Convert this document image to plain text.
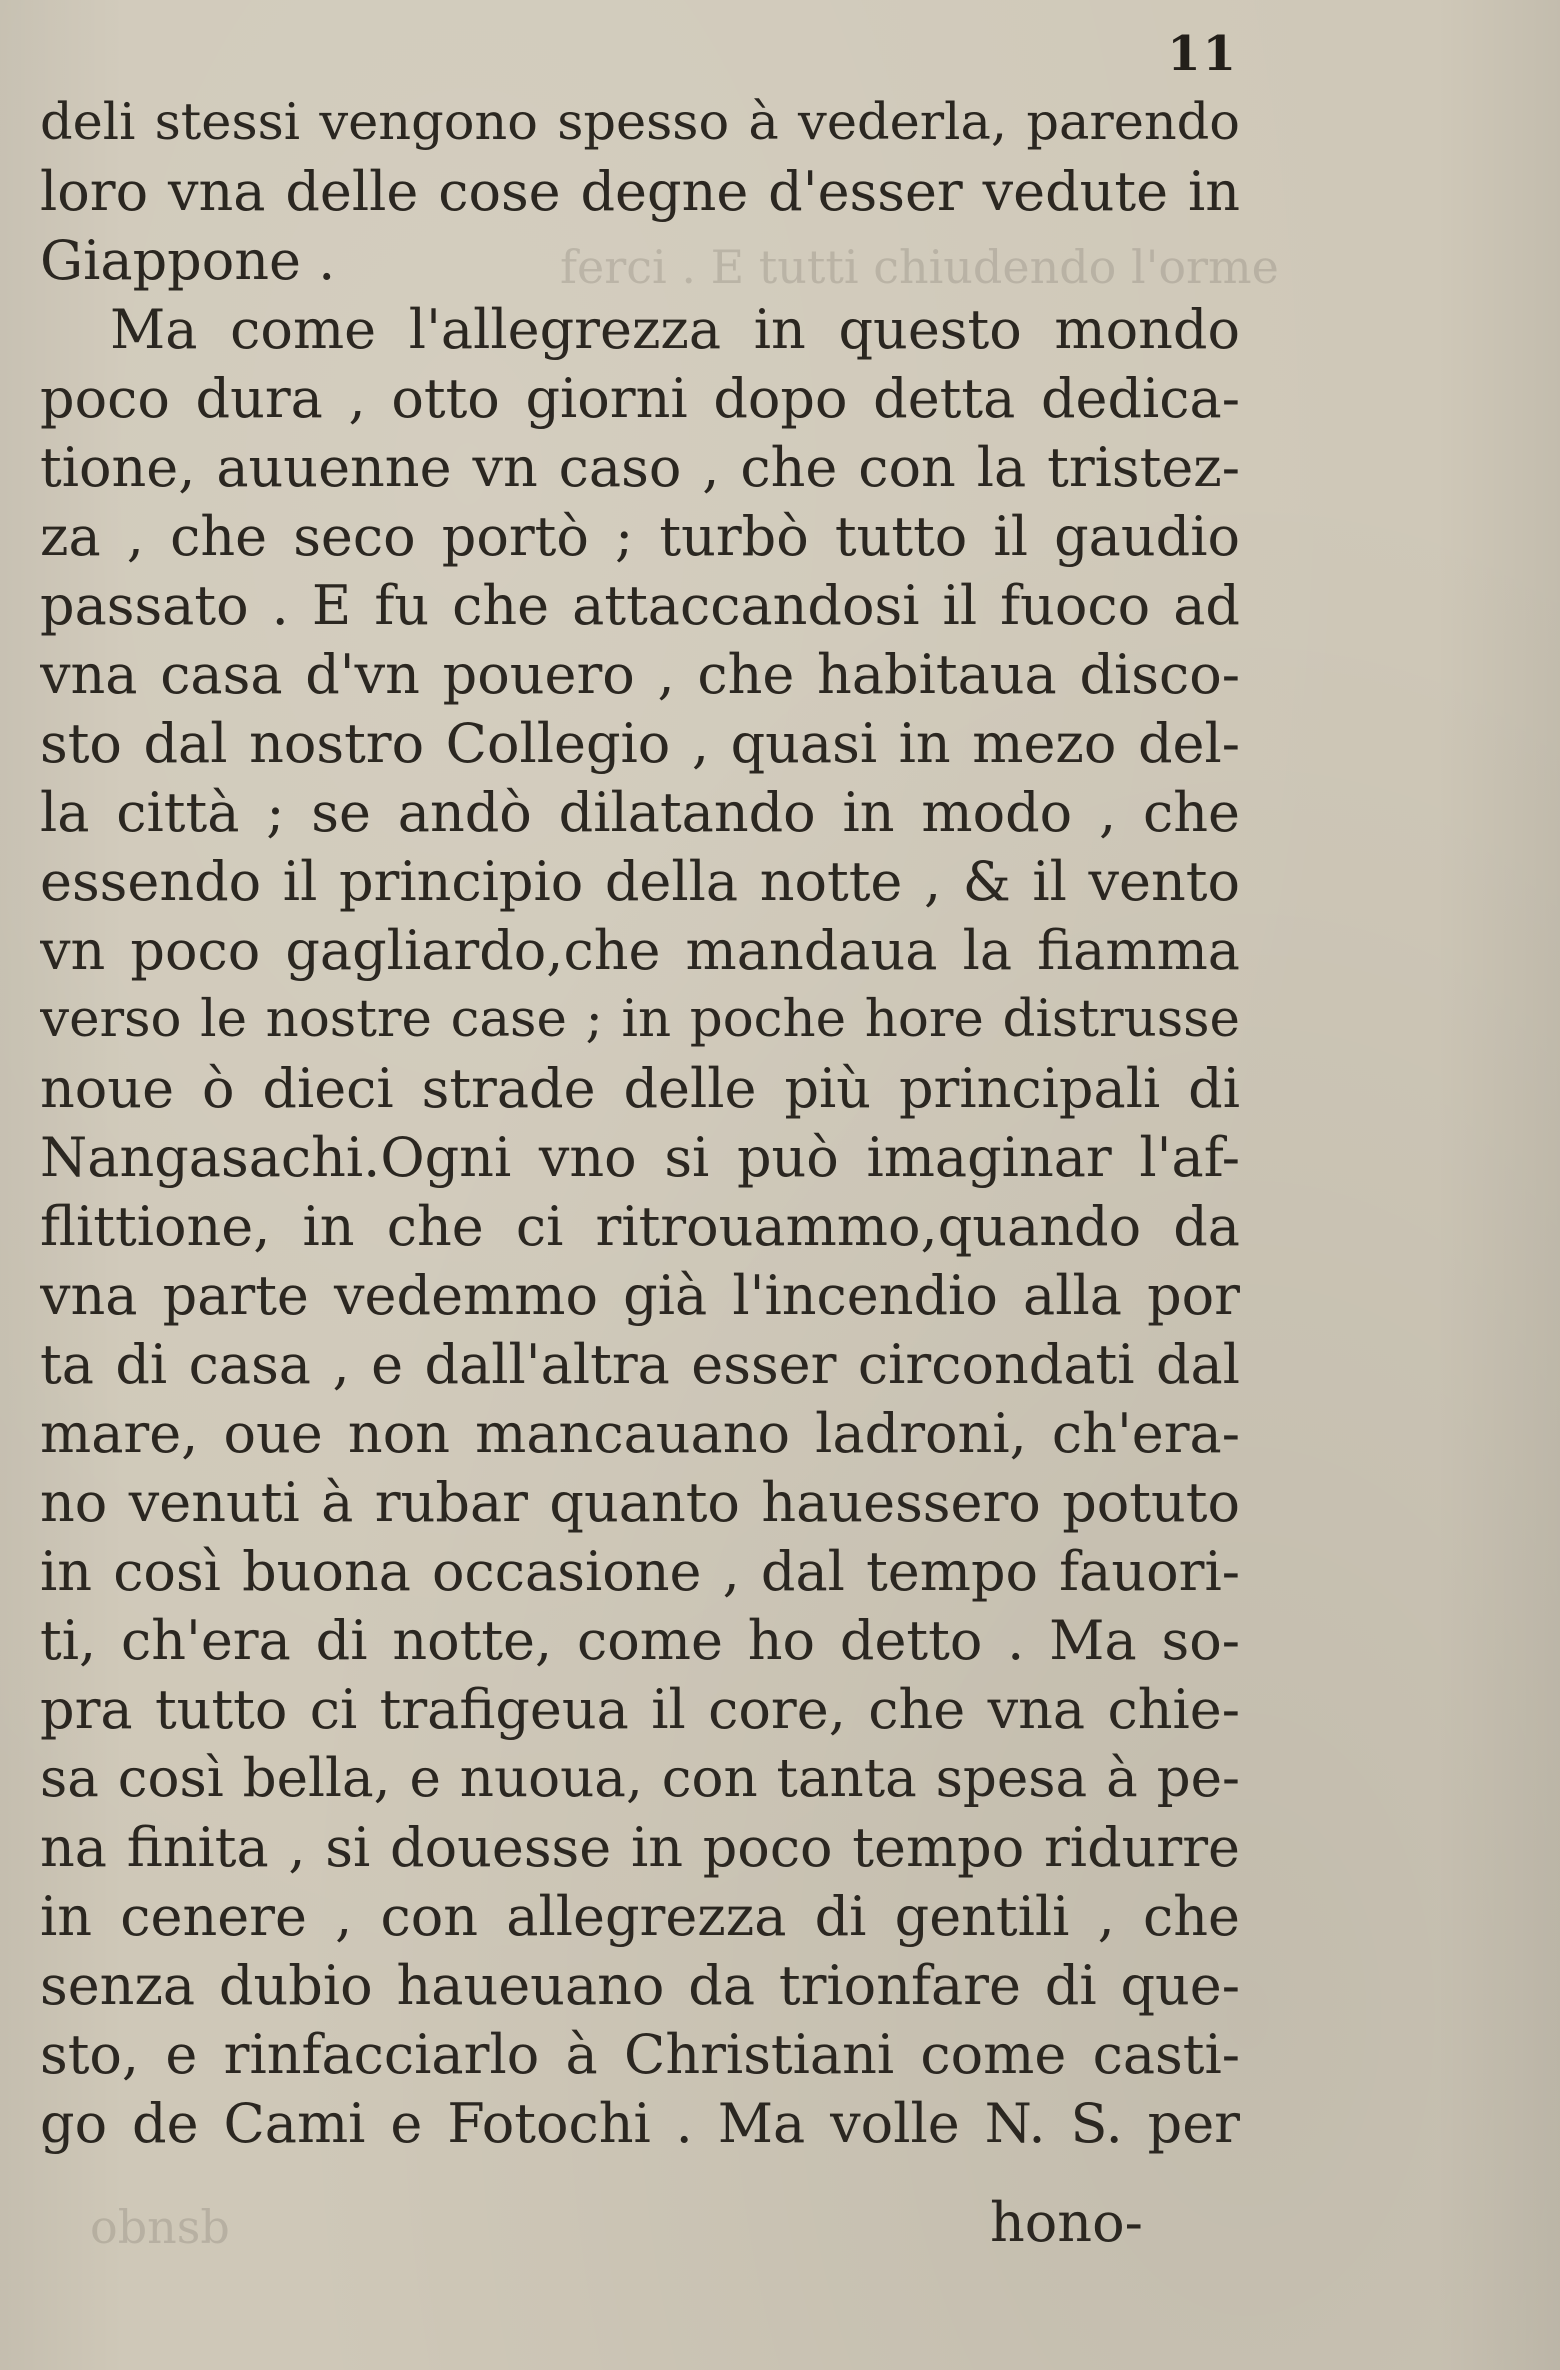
ferci . E tutti chiudendo l'orme
obnsb
11
deli stessi vengono spesso à vederla, parendo
loro vna delle cose degne d'esser vedute in
Giappone .
Ma come l'allegrezza in questo mondo
poco dura , otto giorni dopo detta dedica-
tione, auuenne vn caso , che con la tristez-
za , che seco portò ; turbò tutto il gaudio
passato . E fu che attaccandosi il fuoco ad
vna casa d'vn pouero , che habitaua disco-
sto dal nostro Collegio , quasi in mezo del-
la città ; se andò dilatando in modo , che
essendo il principio della notte , & il vento
vn poco gagliardo,che mandaua la fiamma
verso le nostre case ; in poche hore distrusse
noue ò dieci strade delle più principali di
Nangasachi.Ogni vno si può imaginar l'af-
flittione, in che ci ritrouammo,quando da
vna parte vedemmo già l'incendio alla por
ta di casa , e dall'altra esser circondati dal
mare, oue non mancauano ladroni, ch'era-
no venuti à rubar quanto hauessero potuto
in così buona occasione , dal tempo fauori-
ti, ch'era di notte, come ho detto . Ma so-
pra tutto ci trafigeua il core, che vna chie-
sa così bella, e nuoua, con tanta spesa à pe-
na finita , si douesse in poco tempo ridurre
in cenere , con allegrezza di gentili , che
senza dubio haueuano da trionfare di que-
sto, e rinfacciarlo à Christiani come casti-
go de Cami e Fotochi . Ma volle N. S. per
hono-
